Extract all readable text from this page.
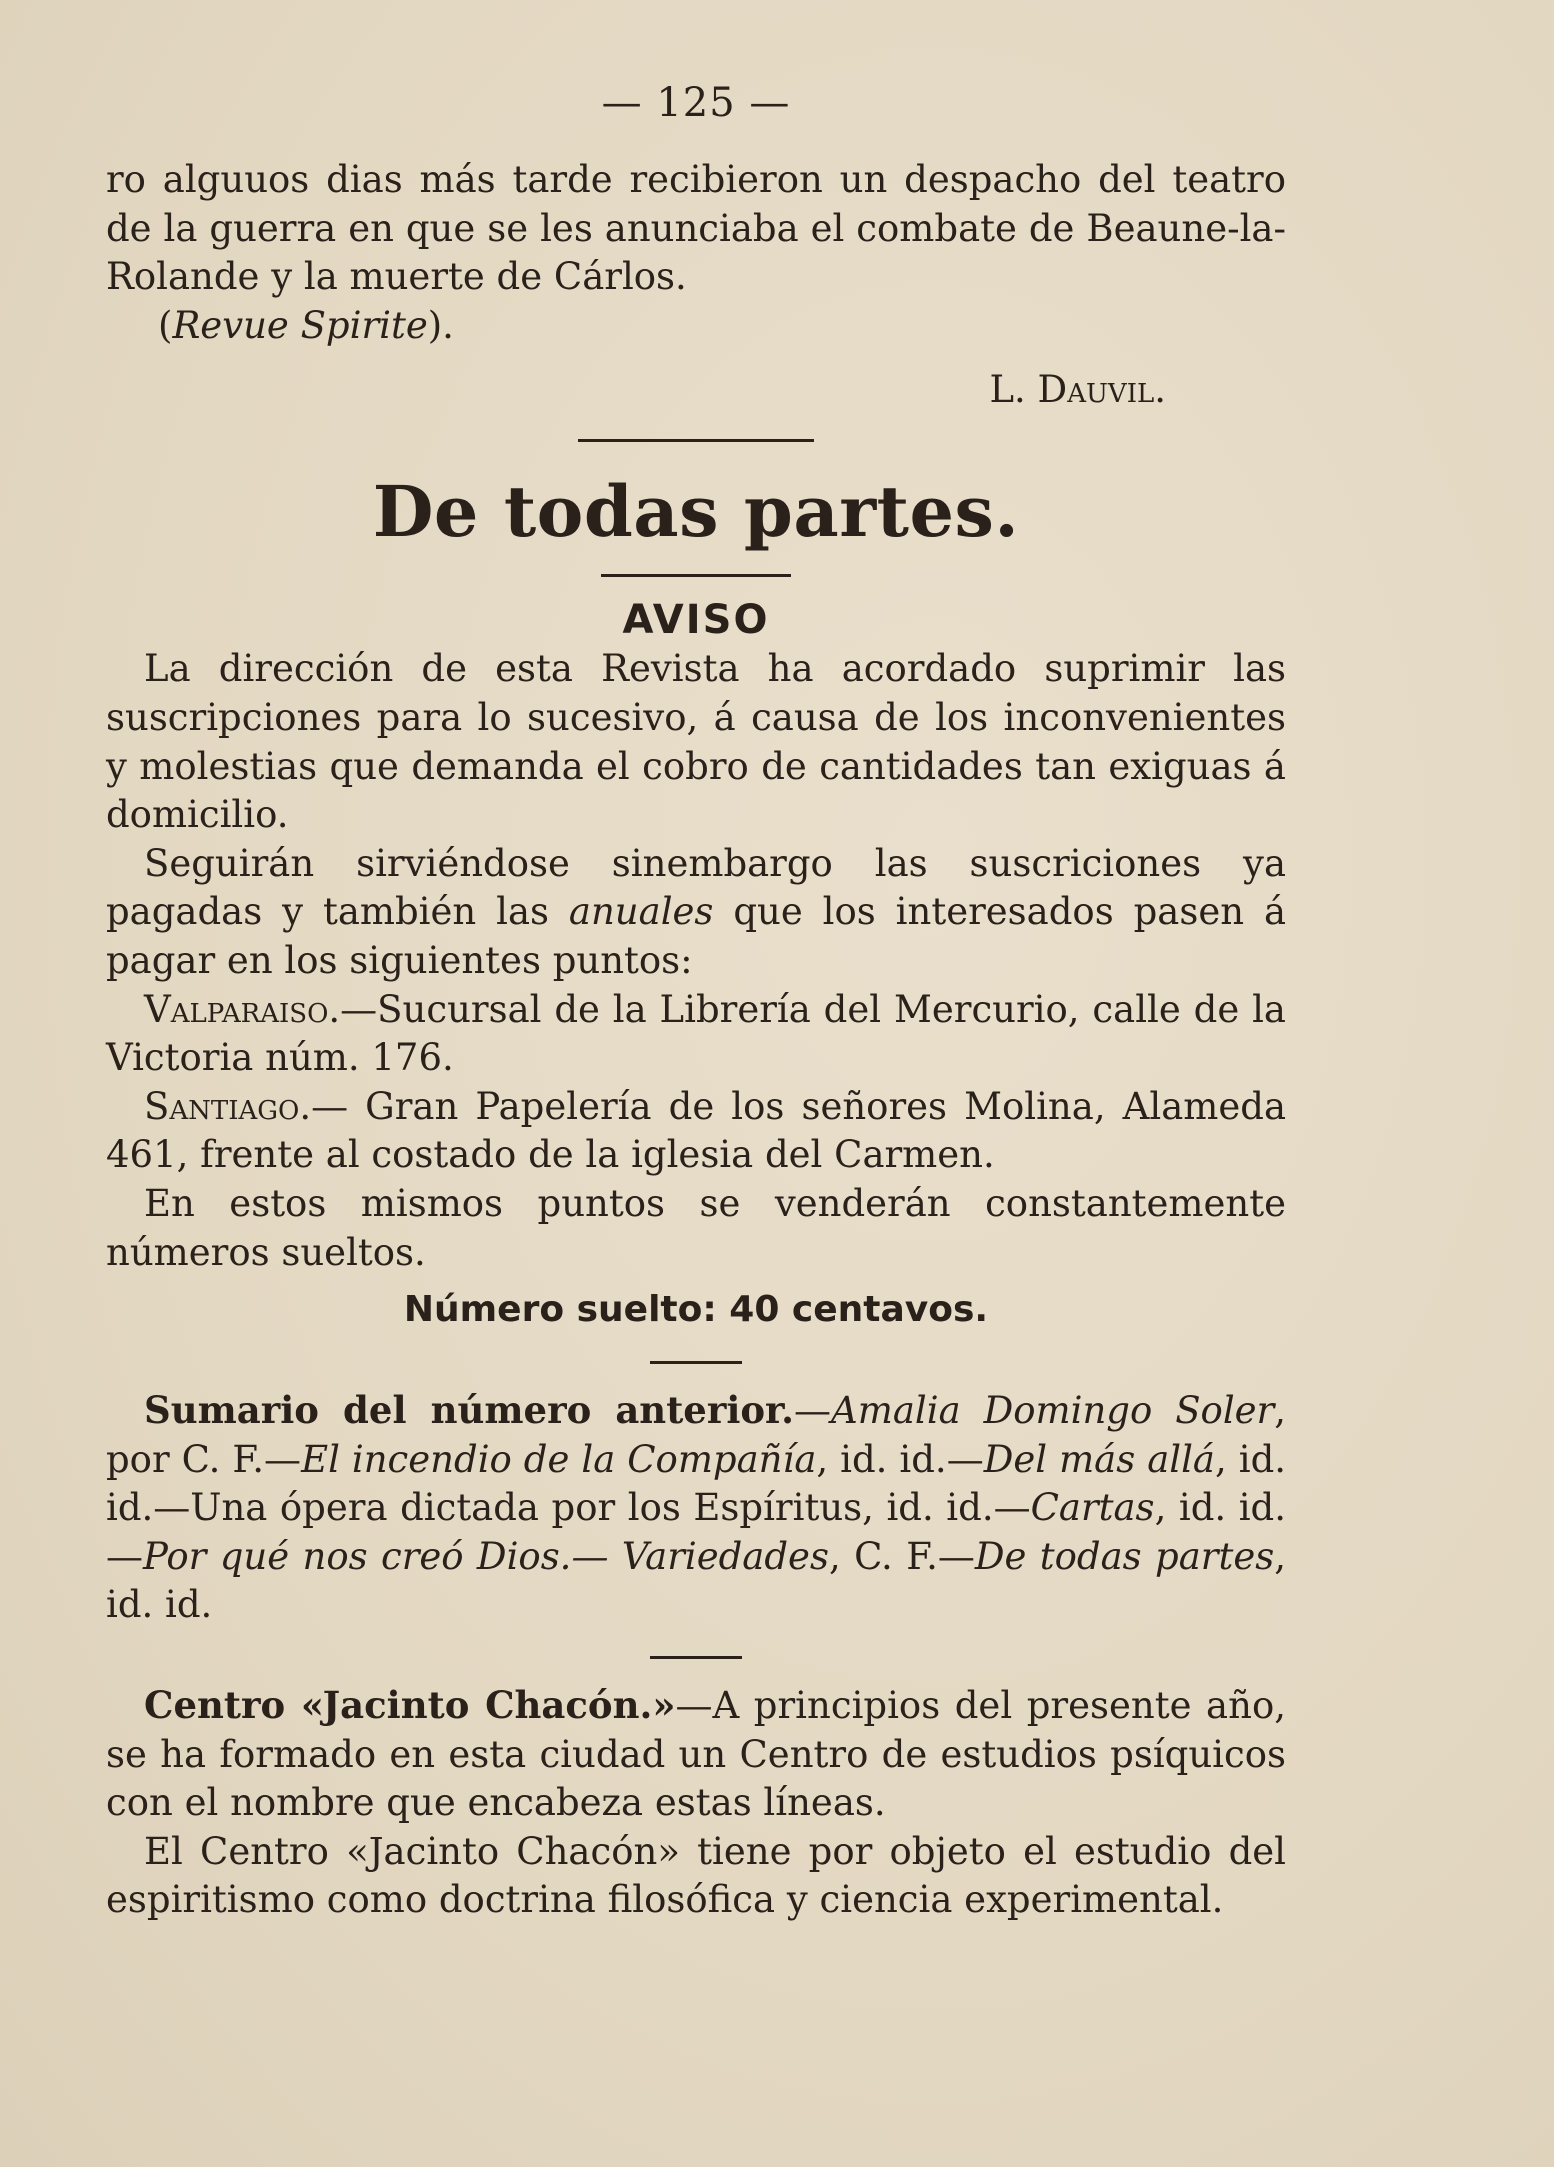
— 125 —

ro alguuos dias más tarde recibieron un despacho del teatro de la guerra en que se les anunciaba el combate de Beaune-la-Rolande y la muerte de Cárlos.

(Revue Spirite).

L. Dauvil.
De todas partes.
AVISO

La dirección de esta Revista ha acordado suprimir las suscripciones para lo sucesivo, á causa de los inconvenientes y molestias que demanda el cobro de cantidades tan exiguas á domicilio.

Seguirán sirviéndose sinembargo las suscriciones ya pagadas y también las anuales que los interesados pasen á pagar en los siguientes puntos:

Valparaiso.—Sucursal de la Librería del Mercurio, calle de la Victoria núm. 176.

Santiago.— Gran Papelería de los señores Molina, Alameda 461, frente al costado de la iglesia del Carmen.

En estos mismos puntos se venderán constantemente números sueltos.

Número suelto: 40 centavos.

Sumario del número anterior.—Amalia Domingo Soler, por C. F.—El incendio de la Compañía, id. id.—Del más allá, id. id.—Una ópera dictada por los Espíritus, id. id.—Cartas, id. id.—Por qué nos creó Dios.— Variedades, C. F.—De todas partes, id. id.

Centro «Jacinto Chacón.»—A principios del presente año, se ha formado en esta ciudad un Centro de estudios psíquicos con el nombre que encabeza estas líneas.

El Centro «Jacinto Chacón» tiene por objeto el estudio del espiritismo como doctrina filosófica y ciencia experimental.
